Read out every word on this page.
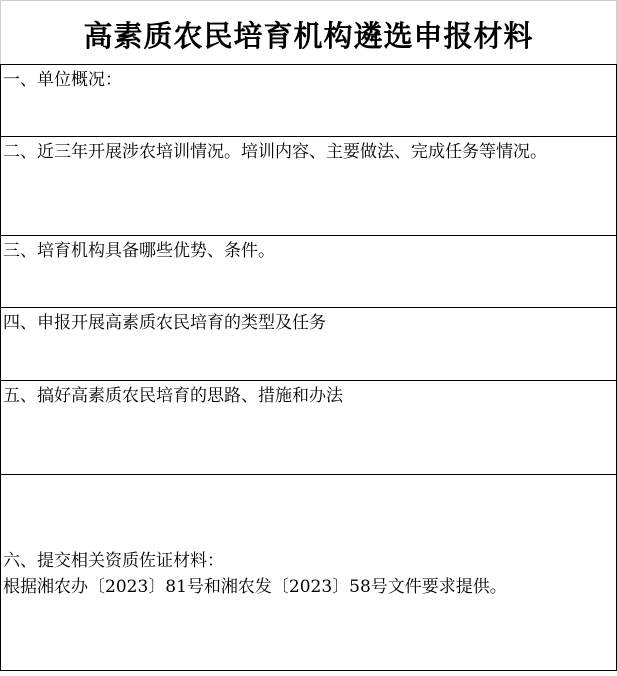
高素质农民培育机构遴选申报材料
一、单位概况：
二、近三年开展涉农培训情况。培训内容、主要做法、完成任务等情况。
三、培育机构具备哪些优势、条件。
四、申报开展高素质农民培育的类型及任务
五、搞好高素质农民培育的思路、措施和办法
六、提交相关资质佐证材料：
根据湘农办〔2023〕81号和湘农发〔2023〕58号文件要求提供。
